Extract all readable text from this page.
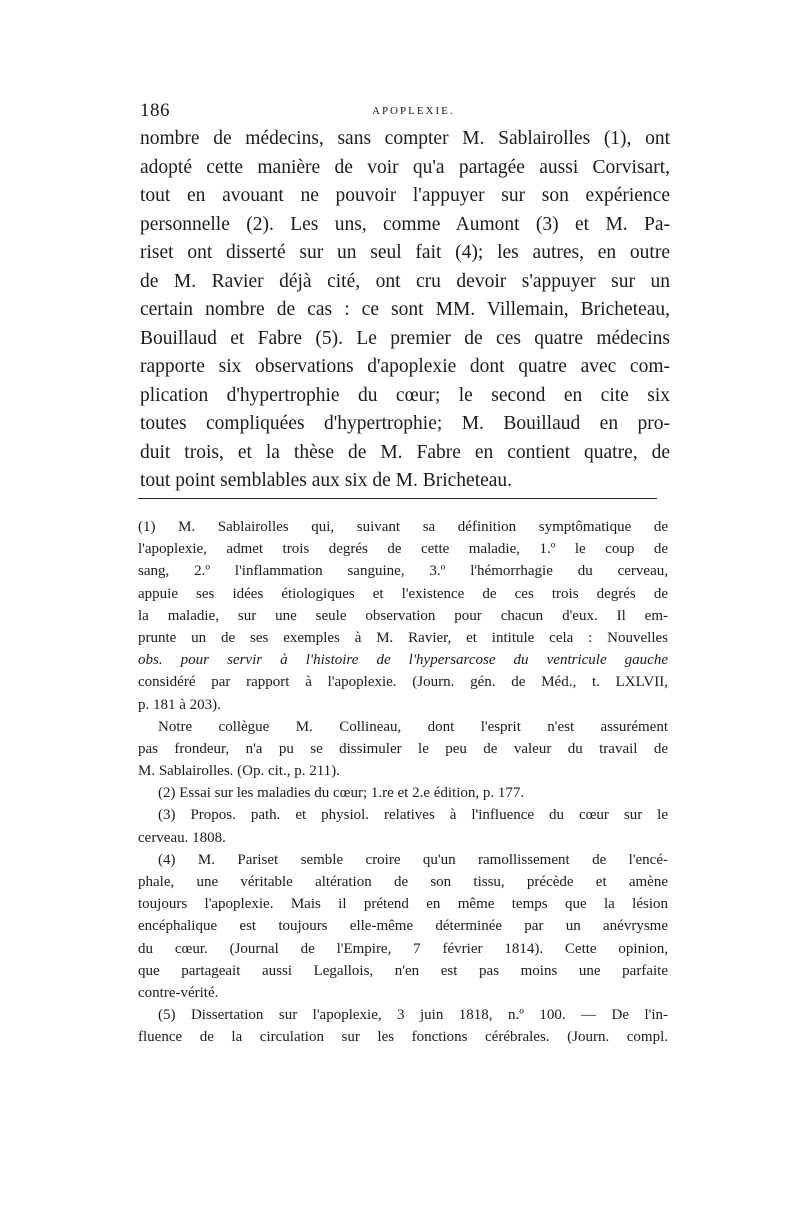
186	APOPLEXIE.
nombre de médecins, sans compter M. Sablairolles (1), ont
adopté cette manière de voir qu'a partagée aussi Corvisart,
tout en avouant ne pouvoir l'appuyer sur son expérience
personnelle (2). Les uns, comme Aumont (3) et M. Pa-
riset ont disserté sur un seul fait (4); les autres, en outre
de M. Ravier déjà cité, ont cru devoir s'appuyer sur un
certain nombre de cas : ce sont MM. Villemain, Bricheteau,
Bouillaud et Fabre (5). Le premier de ces quatre médecins
rapporte six observations d'apoplexie dont quatre avec com-
plication d'hypertrophie du cœur; le second en cite six
toutes compliquées d'hypertrophie; M. Bouillaud en pro-
duit trois, et la thèse de M. Fabre en contient quatre, de
tout point semblables aux six de M. Bricheteau.
(1) M. Sablairolles qui, suivant sa définition symptômatique de
l'apoplexie, admet trois degrés de cette maladie, 1.º le coup de
sang, 2.º l'inflammation sanguine, 3.º l'hémorrhagie du cerveau,
appuie ses idées étiologiques et l'existence de ces trois degrés de
la maladie, sur une seule observation pour chacun d'eux. Il em-
prunte un de ses exemples à M. Ravier, et intitule cela : Nouvelles
obs. pour servir à l'histoire de l'hypersarcose du ventricule gauche
considéré par rapport à l'apoplexie. (Journ. gén. de Méd., t. LXLVII,
p. 181 à 203).
Notre collègue M. Collineau, dont l'esprit n'est assurément
pas frondeur, n'a pu se dissimuler le peu de valeur du travail de
M. Sablairolles. (Op. cit., p. 211).
(2) Essai sur les maladies du cœur; 1.re et 2.e édition, p. 177.
(3) Propos. path. et physiol. relatives à l'influence du cœur sur le
cerveau. 1808.
(4) M. Pariset semble croire qu'un ramollissement de l'encé-
phale, une véritable altération de son tissu, précède et amène
toujours l'apoplexie. Mais il prétend en même temps que la lésion
encéphalique est toujours elle-même déterminée par un anévrysme
du cœur. (Journal de l'Empire, 7 février 1814). Cette opinion,
que partageait aussi Legallois, n'en est pas moins une parfaite
contre-vérité.
(5) Dissertation sur l'apoplexie, 3 juin 1818, n.º 100. — De l'in-
fluence de la circulation sur les fonctions cérébrales. (Journ. compl.
